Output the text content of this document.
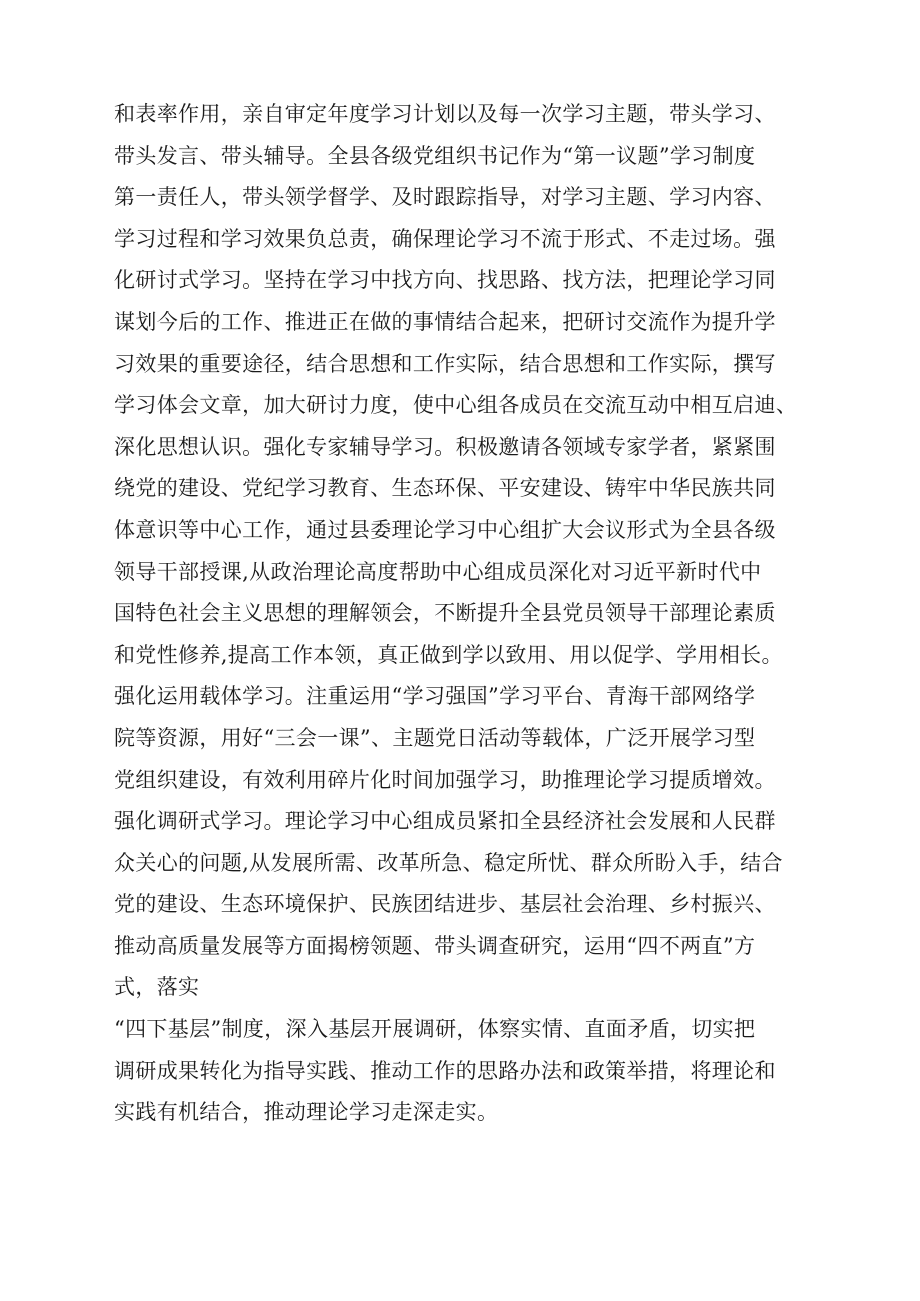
和表率作用，亲自审定年度学习计划以及每一次学习主题，带头学习、
带头发言、带头辅导。全县各级党组织书记作为“第一议题”学习制度
第一责任人，带头领学督学、及时跟踪指导，对学习主题、学习内容、
学习过程和学习效果负总责，确保理论学习不流于形式、不走过场。强
化研讨式学习。坚持在学习中找方向、找思路、找方法，把理论学习同
谋划今后的工作、推进正在做的事情结合起来，把研讨交流作为提升学
习效果的重要途径，结合思想和工作实际，结合思想和工作实际，撰写
学习体会文章，加大研讨力度，使中心组各成员在交流互动中相互启迪、
深化思想认识。强化专家辅导学习。积极邀请各领域专家学者，紧紧围
绕党的建设、党纪学习教育、生态环保、平安建设、铸牢中华民族共同
体意识等中心工作，通过县委理论学习中心组扩大会议形式为全县各级
领导干部授课,从政治理论高度帮助中心组成员深化对习近平新时代中
国特色社会主义思想的理解领会，不断提升全县党员领导干部理论素质
和党性修养,提高工作本领，真正做到学以致用、用以促学、学用相长。
强化运用载体学习。注重运用“学习强国”学习平台、青海干部网络学
院等资源，用好“三会一课”、主题党日活动等载体，广泛开展学习型
党组织建设，有效利用碎片化时间加强学习，助推理论学习提质增效。
强化调研式学习。理论学习中心组成员紧扣全县经济社会发展和人民群
众关心的问题,从发展所需、改革所急、稳定所忧、群众所盼入手，结合
党的建设、生态环境保护、民族团结进步、基层社会治理、乡村振兴、
推动高质量发展等方面揭榜领题、带头调查研究，运用“四不两直”方
式，落实
“四下基层”制度，深入基层开展调研，体察实情、直面矛盾，切实把
调研成果转化为指导实践、推动工作的思路办法和政策举措，将理论和
实践有机结合，推动理论学习走深走实。
